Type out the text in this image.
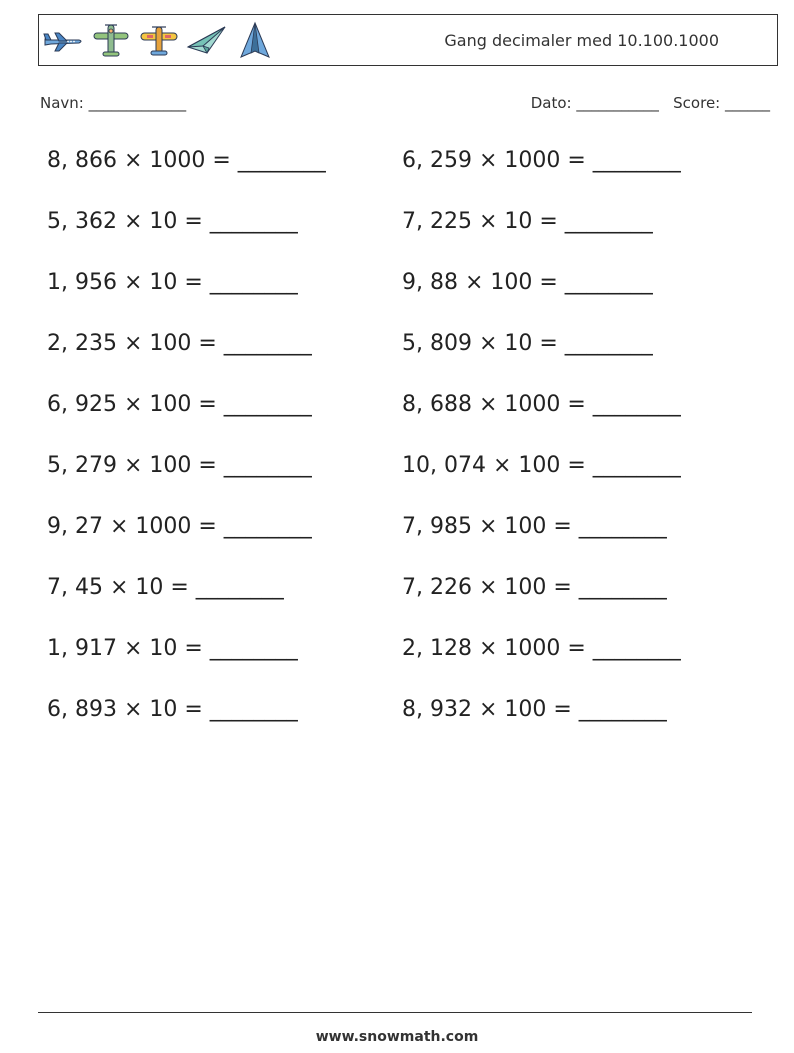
Gang decimaler med 10.100.1000
Navn: _____________	Dato: ___________ Score: ______
8, 866 × 1000 = ________	6, 259 × 1000 = ________
5, 362 × 10 = ________	7, 225 × 10 = ________
1, 956 × 10 = ________	9, 88 × 100 = ________
2, 235 × 100 = ________	5, 809 × 10 = ________
6, 925 × 100 = ________	8, 688 × 1000 = ________
5, 279 × 100 = ________	10, 074 × 100 = ________
9, 27 × 1000 = ________	7, 985 × 100 = ________
7, 45 × 10 = ________	7, 226 × 100 = ________
1, 917 × 10 = ________	2, 128 × 1000 = ________
6, 893 × 10 = ________	8, 932 × 100 = ________
www.snowmath.com
